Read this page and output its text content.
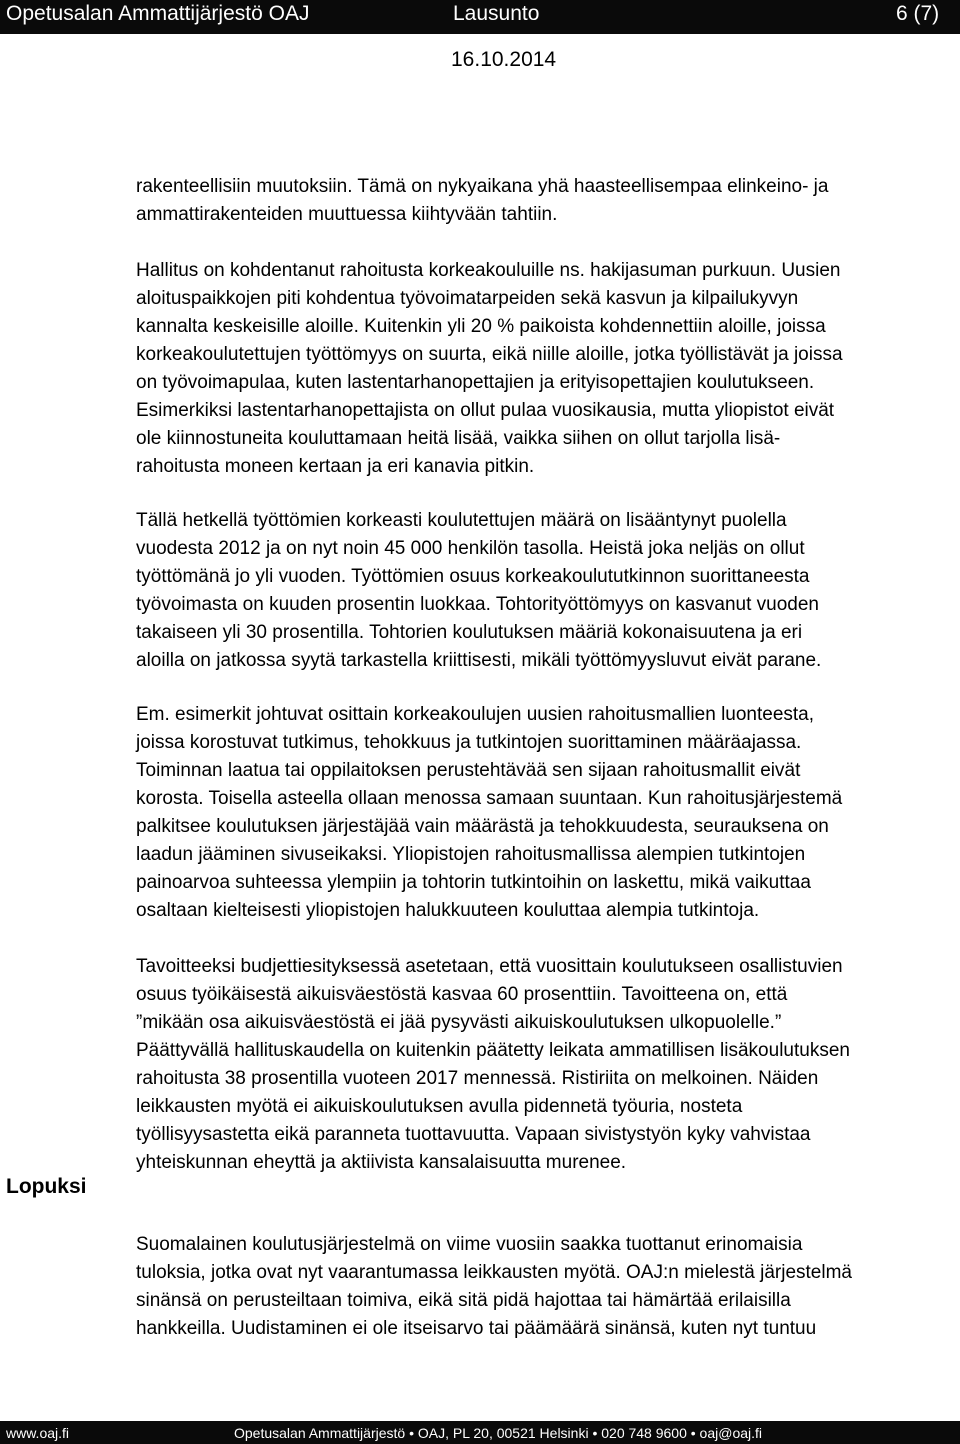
Opetusalan Ammattijärjestö OAJ	Lausunto	6 (7)
16.10.2014
rakenteellisiin muutoksiin. Tämä on nykyaikana yhä haasteellisempaa elinkeino- ja
ammattirakenteiden muuttuessa kiihtyvään tahtiin.
Hallitus on kohdentanut rahoitusta korkeakouluille ns. hakijasuman purkuun. Uusien
aloituspaikkojen piti kohdentua työvoimatarpeiden sekä kasvun ja kilpailukyvyn
kannalta keskeisille aloille. Kuitenkin yli 20 % paikoista kohdennettiin aloille, joissa
korkeakoulutettujen työttömyys on suurta, eikä niille aloille, jotka työllistävät ja joissa
on työvoimapulaa, kuten lastentarhanopettajien ja erityisopettajien koulutukseen.
Esimerkiksi lastentarhanopettajista on ollut pulaa vuosikausia, mutta yliopistot eivät
ole kiinnostuneita kouluttamaan heitä lisää, vaikka siihen on ollut tarjolla lisä-
rahoitusta moneen kertaan ja eri kanavia pitkin.
Tällä hetkellä työttömien korkeasti koulutettujen määrä on lisääntynyt puolella
vuodesta 2012 ja on nyt noin 45 000 henkilön tasolla. Heistä joka neljäs on ollut
työttömänä jo yli vuoden. Työttömien osuus korkeakoulututkinnon suorittaneesta
työvoimasta on kuuden prosentin luokkaa. Tohtorityöttömyys on kasvanut vuoden
takaiseen yli 30 prosentilla. Tohtorien koulutuksen määriä kokonaisuutena ja eri
aloilla on jatkossa syytä tarkastella kriittisesti, mikäli työttömyysluvut eivät parane.
Em. esimerkit johtuvat osittain korkeakoulujen uusien rahoitusmallien luonteesta,
joissa korostuvat tutkimus, tehokkuus ja tutkintojen suorittaminen määräajassa.
Toiminnan laatua tai oppilaitoksen perustehtävää sen sijaan rahoitusmallit eivät
korosta. Toisella asteella ollaan menossa samaan suuntaan. Kun rahoitusjärjestemä
palkitsee koulutuksen järjestäjää vain määrästä ja tehokkuudesta, seurauksena on
laadun jääminen sivuseikaksi. Yliopistojen rahoitusmallissa alempien tutkintojen
painoarvoa suhteessa ylempiin ja tohtorin tutkintoihin on laskettu, mikä vaikuttaa
osaltaan kielteisesti yliopistojen halukkuuteen kouluttaa alempia tutkintoja.
Tavoitteeksi budjettiesityksessä asetetaan, että vuosittain koulutukseen osallistuvien
osuus työikäisestä aikuisväestöstä kasvaa 60 prosenttiin. Tavoitteena on, että
”mikään osa aikuisväestöstä ei jää pysyvästi aikuiskoulutuksen ulkopuolelle.”
Päättyvällä hallituskaudella on kuitenkin päätetty leikata ammatillisen lisäkoulutuksen
rahoitusta 38 prosentilla vuoteen 2017 mennessä. Ristiriita on melkoinen. Näiden
leikkausten myötä ei aikuiskoulutuksen avulla pidennetä työuria, nosteta
työllisyysastetta eikä paranneta tuottavuutta. Vapaan sivistystyön kyky vahvistaa
yhteiskunnan eheyttä ja aktiivista kansalaisuutta murenee.
Lopuksi
Suomalainen koulutusjärjestelmä on viime vuosiin saakka tuottanut erinomaisia
tuloksia, jotka ovat nyt vaarantumassa leikkausten myötä. OAJ:n mielestä järjestelmä
sinänsä on perusteiltaan toimiva, eikä sitä pidä hajottaa tai hämärtää erilaisilla
hankkeilla. Uudistaminen ei ole itseisarvo tai päämäärä sinänsä, kuten nyt tuntuu
www.oaj.fi	Opetusalan Ammattijärjestö • OAJ, PL 20, 00521 Helsinki • 020 748 9600 • oaj@oaj.fi
